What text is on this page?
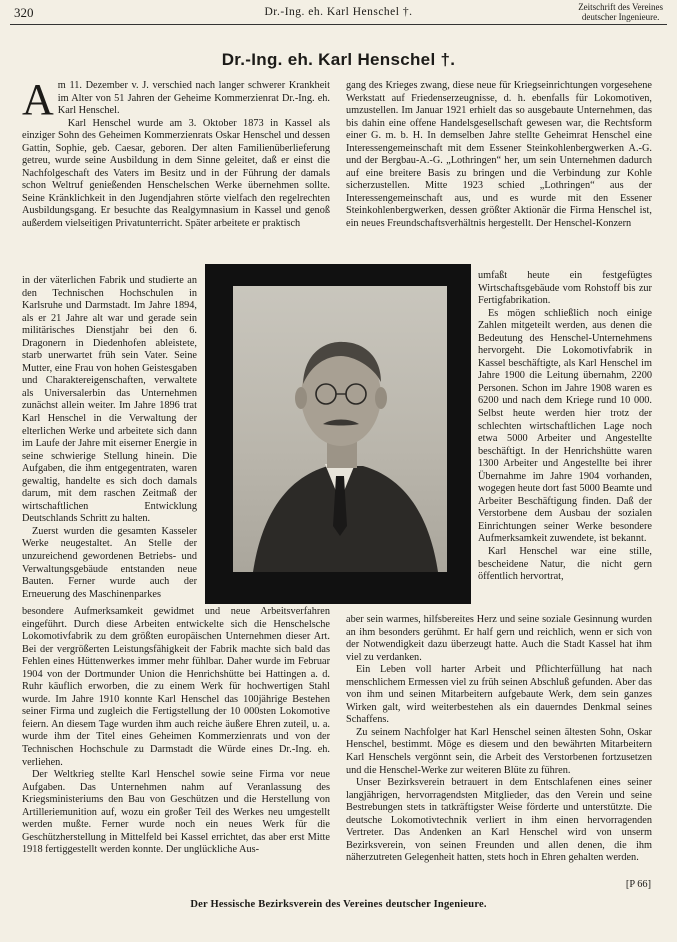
320	Dr.-Ing. eh. Karl Henschel †.	Zeitschrift des Vereines
deutscher Ingenieure.
Dr.-Ing. eh. Karl Henschel †.

Am 11. Dezember v. J. verschied nach langer schwerer Krankheit im Alter von 51 Jahren der Geheime Kommerzienrat Dr.-Ing. eh. Karl Henschel.

Karl Henschel wurde am 3. Oktober 1873 in Kassel als einziger Sohn des Geheimen Kommerzienrats Oskar Henschel und dessen Gattin, Sophie, geb. Caesar, geboren. Der alten Familienüberlieferung getreu, wurde seine Ausbildung in dem Sinne geleitet, daß er einst die Nachfolgeschaft des Vaters im Besitz und in der Führung der damals schon Weltruf genießenden Henschelschen Werke übernehmen sollte. Seine Kränklichkeit in den Jugendjahren störte vielfach den regelrechten Ausbildungsgang. Er besuchte das Realgymnasium in Kassel und genoß außerdem vielseitigen Privatunterricht. Später arbeitete er praktisch

gang des Krieges zwang, diese neue für Kriegseinrichtungen vorgesehene Werkstatt auf Friedenserzeugnisse, d. h. ebenfalls für Lokomotiven, umzustellen. Im Januar 1921 erhielt das so ausgebaute Unternehmen, das bis dahin eine offene Handelsgesellschaft gewesen war, die Rechtsform einer G. m. b. H. In demselben Jahre stellte Geheimrat Henschel eine Interessengemeinschaft mit dem Essener Steinkohlenbergwerken A.-G. und der Bergbau-A.-G. „Lothringen“ her, um sein Unternehmen dadurch auf eine breitere Basis zu bringen und die Verbindung zur Kohle sicherzustellen. Mitte 1923 schied „Lothringen“ aus der Interessengemeinschaft aus, und es wurde mit den Essener Steinkohlenbergwerken, dessen größter Aktionär die Firma Henschel ist, ein neues Freundschaftsverhältnis hergestellt. Der Henschel-Konzern

in der väterlichen Fabrik und studierte an den Technischen Hochschulen in Karlsruhe und Darmstadt. Im Jahre 1894, als er 21 Jahre alt war und gerade sein militärisches Dienstjahr bei den 6. Dragonern in Diedenhofen ableistete, starb unerwartet früh sein Vater. Seine Mutter, eine Frau von hohen Geistesgaben und Charaktereigenschaften, verwaltete als Universalerbin das Unternehmen zunächst allein weiter. Im Jahre 1896 trat Karl Henschel in die Verwaltung der elterlichen Werke und arbeitete sich dann im Laufe der Jahre mit eiserner Energie in seine schwierige Stellung hinein. Die Aufgaben, die ihm entgegentraten, waren gewaltig, handelte es sich doch damals darum, mit dem raschen Zeitmaß der wirtschaftlichen Entwicklung Deutschlands Schritt zu halten.

Zuerst wurden die gesamten Kasseler Werke neugestaltet. An Stelle der unzureichend gewordenen Betriebs- und Verwaltungsgebäude entstanden neue Bauten. Ferner wurde auch der Erneuerung des Maschinenparkes

umfaßt heute ein festgefügtes Wirtschaftsgebäude vom Rohstoff bis zur Fertigfabrikation.

Es mögen schließlich noch einige Zahlen mitgeteilt werden, aus denen die Bedeutung des Henschel-Unternehmens hervorgeht. Die Lokomotivfabrik in Kassel beschäftigte, als Karl Henschel im Jahre 1900 die Leitung übernahm, 2200 Personen. Schon im Jahre 1908 waren es 6200 und nach dem Kriege rund 10 000. Selbst heute werden hier trotz der schlechten wirtschaftlichen Lage noch etwa 5000 Arbeiter und Angestellte beschäftigt. In der Henrichshütte waren 1300 Arbeiter und Angestellte bei ihrer Übernahme im Jahre 1904 vorhanden, wogegen heute dort fast 5000 Beamte und Arbeiter Beschäftigung finden. Daß der Verstorbene dem Ausbau der sozialen Einrichtungen seiner Werke besondere Aufmerksamkeit zuwendete, ist bekannt.

Karl Henschel war eine stille, bescheidene Natur, die nicht gern öffentlich hervortrat,

besondere Aufmerksamkeit gewidmet und neue Arbeitsverfahren eingeführt. Durch diese Arbeiten entwickelte sich die Henschelsche Lokomotivfabrik zu dem größten europäischen Unternehmen dieser Art. Bei der vergrößerten Leistungsfähigkeit der Fabrik machte sich bald das Fehlen eines Hüttenwerkes immer mehr fühlbar. Daher wurde im Februar 1904 von der Dortmunder Union die Henrichshütte bei Hattingen a. d. Ruhr käuflich erworben, die zu einem Werk für hochwertigen Stahl wurde. Im Jahre 1910 konnte Karl Henschel das 100jährige Bestehen seiner Firma und zugleich die Fertigstellung der 10 000sten Lokomotive feiern. An diesem Tage wurden ihm auch reiche äußere Ehren zuteil, u. a. wurde ihm der Titel eines Geheimen Kommerzienrats und von der Technischen Hochschule zu Darmstadt die Würde eines Dr.-Ing. eh. verliehen.

Der Weltkrieg stellte Karl Henschel sowie seine Firma vor neue Aufgaben. Das Unternehmen nahm auf Veranlassung des Kriegsministeriums den Bau von Geschützen und die Herstellung von Artilleriemunition auf, wozu ein großer Teil des Werkes neu umgestellt werden mußte. Ferner wurde noch ein neues Werk für die Geschützherstellung in Mittelfeld bei Kassel errichtet, das aber erst Mitte 1918 fertiggestellt werden konnte. Der unglückliche Aus-

aber sein warmes, hilfsbereites Herz und seine soziale Gesinnung wurden an ihm besonders gerühmt. Er half gern und reichlich, wenn er sich von der Notwendigkeit dazu überzeugt hatte. Auch die Stadt Kassel hat ihm viel zu verdanken.

Ein Leben voll harter Arbeit und Pflichterfüllung hat nach menschlichem Ermessen viel zu früh seinen Abschluß gefunden. Aber das von ihm und seinen Mitarbeitern aufgebaute Werk, dem sein ganzes Wirken galt, wird weiterbestehen als ein dauerndes Denkmal seines Schaffens.

Zu seinem Nachfolger hat Karl Henschel seinen ältesten Sohn, Oskar Henschel, bestimmt. Möge es diesem und den bewährten Mitarbeitern Karl Henschels vergönnt sein, die Arbeit des Verstorbenen fortzusetzen und die Henschel-Werke zur weiteren Blüte zu führen.

Unser Bezirksverein betrauert in dem Entschlafenen eines seiner langjährigen, hervorragendsten Mitglieder, das den Verein und seine Bestrebungen stets in tatkräftigster Weise förderte und unterstützte. Die deutsche Lokomotivtechnik verliert in ihm einen hervorragenden Vertreter. Das Andenken an Karl Henschel wird von unserm Bezirksverein, von seinen Freunden und allen denen, die ihm näherzutreten Gelegenheit hatten, stets hoch in Ehren gehalten werden.

[P 66]
Der Hessische Bezirksverein des Vereines deutscher Ingenieure.
